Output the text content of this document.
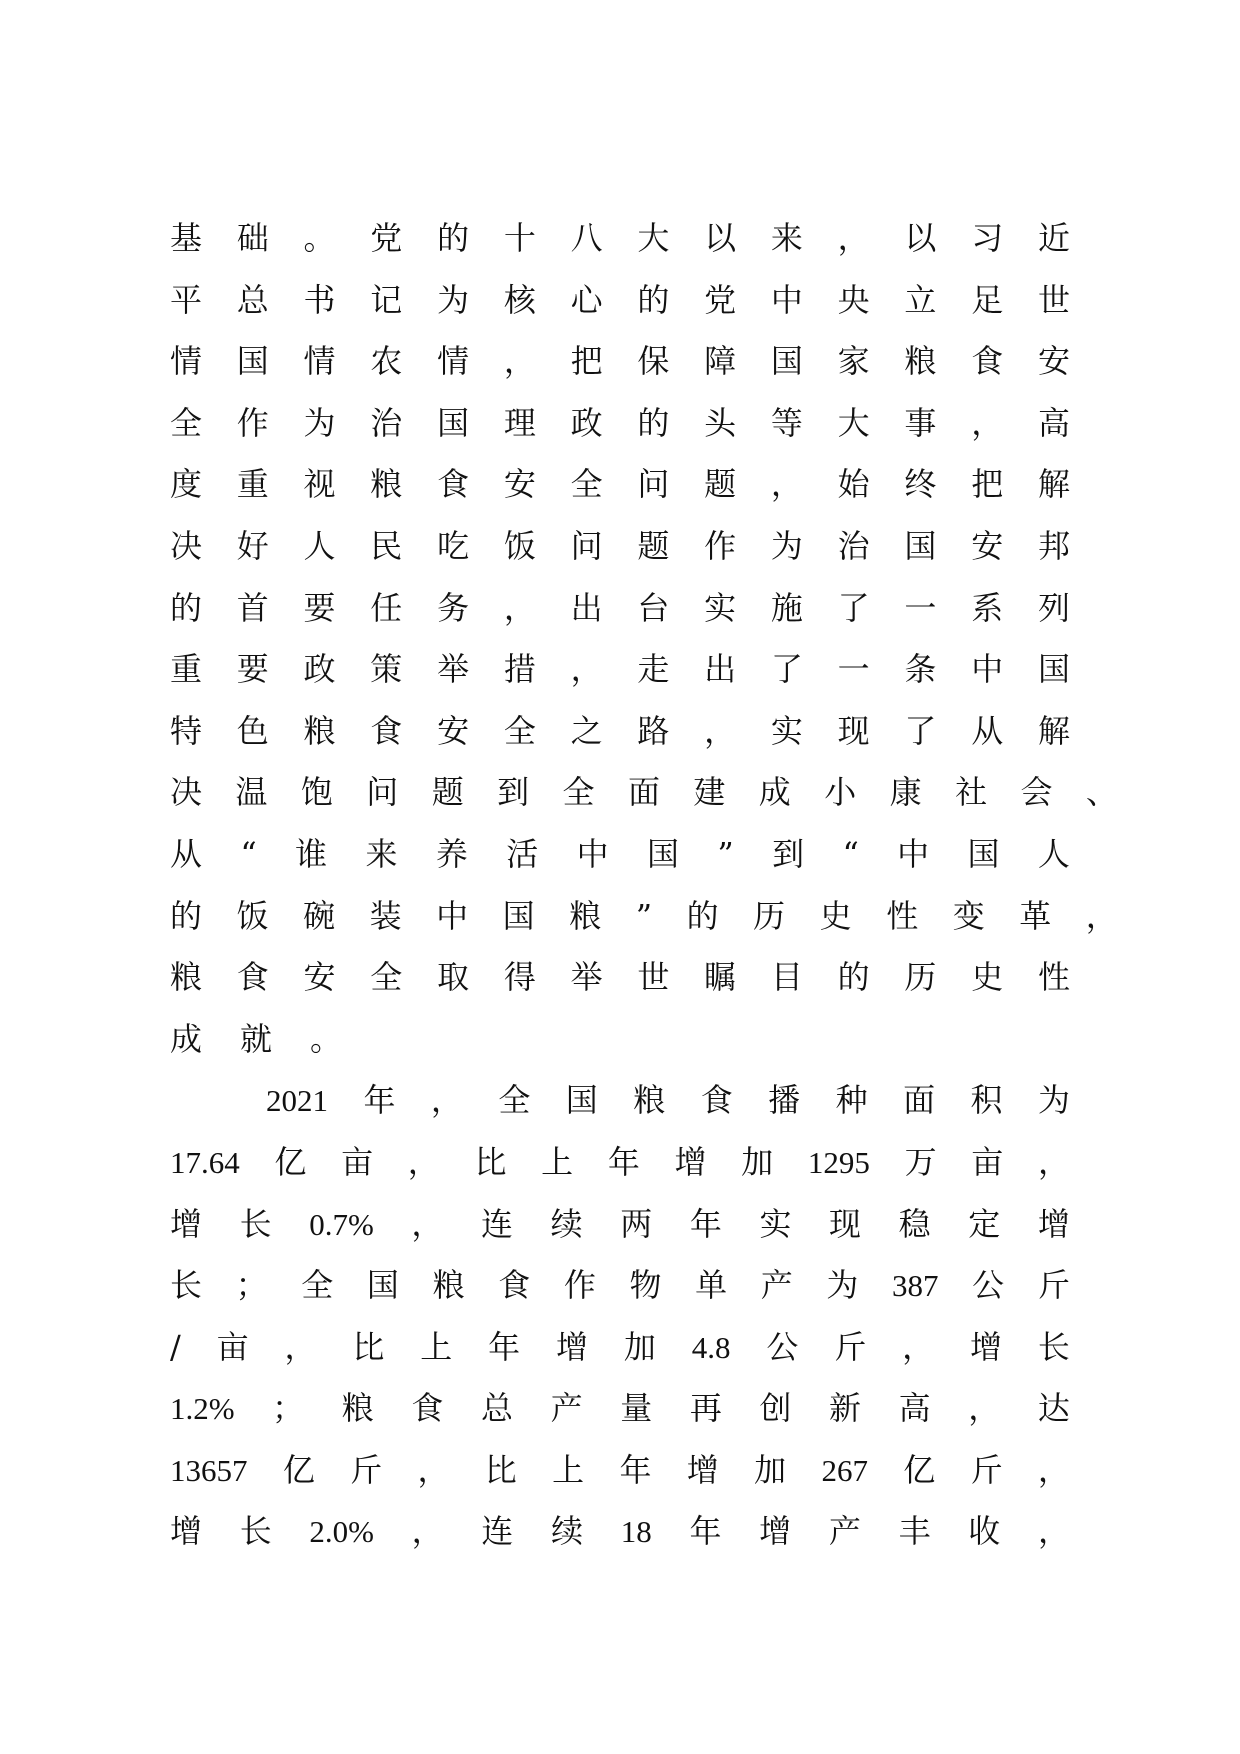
基 础 。 党 的 十 八 大 以 来 ， 以 习 近
平 总 书 记 为 核 心 的 党 中 央 立 足 世
情 国 情 农 情 ， 把 保 障 国 家 粮 食 安
全 作 为 治 国 理 政 的 头 等 大 事 ， 高
度 重 视 粮 食 安 全 问 题 ， 始 终 把 解
决 好 人 民 吃 饭 问 题 作 为 治 国 安 邦
的 首 要 任 务 ， 出 台 实 施 了 一 系 列
重 要 政 策 举 措 ， 走 出 了 一 条 中 国
特 色 粮 食 安 全 之 路 ， 实 现 了 从 解
决 温 饱 问 题 到 全 面 建 成 小 康 社 会 、
从 “ 谁 来 养 活 中 国 ” 到 “ 中 国 人
的 饭 碗 装 中 国 粮 ” 的 历 史 性 变 革 ，
粮 食 安 全 取 得 举 世 瞩 目 的 历 史 性
成 就 。
2021 年 ， 全 国 粮 食 播 种 面 积 为
17.64 亿 亩 ， 比 上 年 增 加 1295 万 亩 ，
增 长 0.7% ， 连 续 两 年 实 现 稳 定 增
长 ； 全 国 粮 食 作 物 单 产 为 387 公 斤
/ 亩 ， 比 上 年 增 加 4.8 公 斤 ， 增 长
1.2% ； 粮 食 总 产 量 再 创 新 高 ， 达
13657 亿 斤 ， 比 上 年 增 加 267 亿 斤 ，
增 长 2.0% ， 连 续 18 年 增 产 丰 收 ，
